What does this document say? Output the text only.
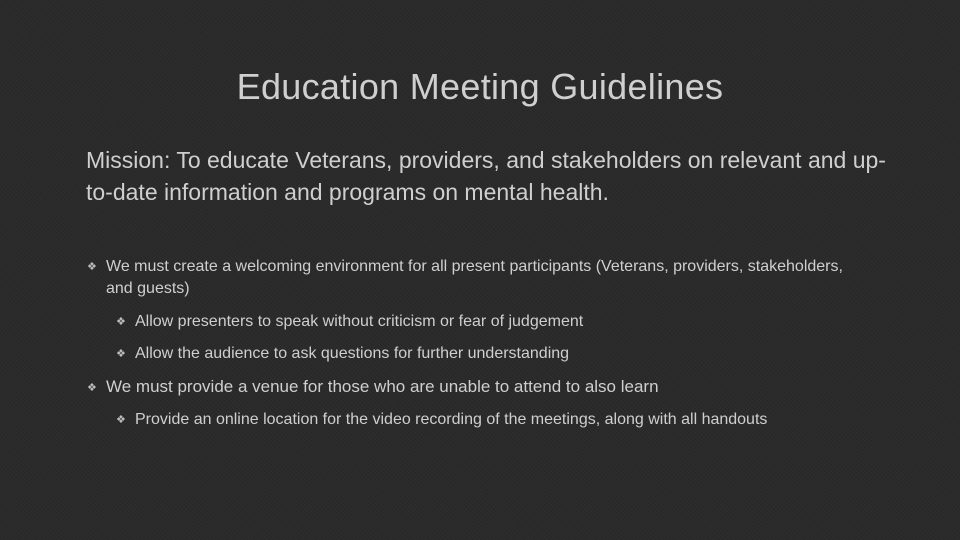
Education Meeting Guidelines

Mission: To educate Veterans, providers, and stakeholders on relevant and up-to-date information and programs on mental health.

❖ We must create a welcoming environment for all present participants (Veterans, providers, stakeholders, and guests)
❖ Allow presenters to speak without criticism or fear of judgement
❖ Allow the audience to ask questions for further understanding
❖ We must provide a venue for those who are unable to attend to also learn
❖ Provide an online location for the video recording of the meetings, along with all handouts
